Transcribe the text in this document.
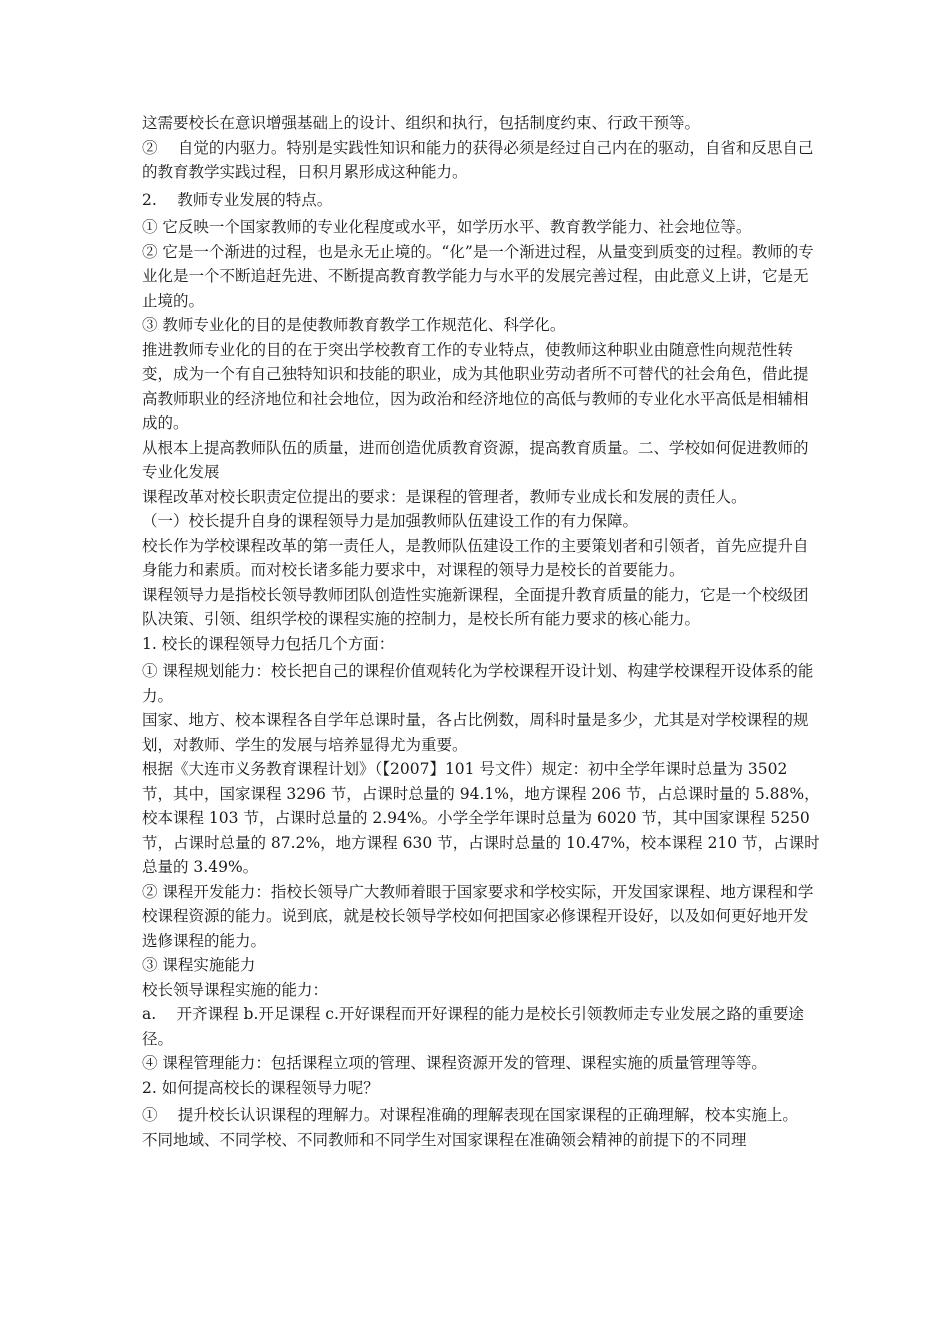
这需要校长在意识增强基础上的设计、组织和执行，包括制度约束、行政干预等。

②　 自觉的内驱力。特别是实践性知识和能力的获得必须是经过自己内在的驱动，自省和反思自己的教育教学实践过程，日积月累形成这种能力。

2.　 教师专业发展的特点。

① 它反映一个国家教师的专业化程度或水平，如学历水平、教育教学能力、社会地位等。

② 它是一个渐进的过程，也是永无止境的。“化”是一个渐进过程，从量变到质变的过程。教师的专业化是一个不断追赶先进、不断提高教育教学能力与水平的发展完善过程，由此意义上讲，它是无止境的。

③ 教师专业化的目的是使教师教育教学工作规范化、科学化。

推进教师专业化的目的在于突出学校教育工作的专业特点，使教师这种职业由随意性向规范性转变，成为一个有自己独特知识和技能的职业，成为其他职业劳动者所不可替代的社会角色，借此提高教师职业的经济地位和社会地位，因为政治和经济地位的高低与教师的专业化水平高低是相辅相成的。

从根本上提高教师队伍的质量，进而创造优质教育资源，提高教育质量。二、学校如何促进教师的专业化发展

课程改革对校长职责定位提出的要求：是课程的管理者，教师专业成长和发展的责任人。

（一）校长提升自身的课程领导力是加强教师队伍建设工作的有力保障。

校长作为学校课程改革的第一责任人，是教师队伍建设工作的主要策划者和引领者，首先应提升自身能力和素质。而对校长诸多能力要求中，对课程的领导力是校长的首要能力。

课程领导力是指校长领导教师团队创造性实施新课程，全面提升教育质量的能力，它是一个校级团队决策、引领、组织学校的课程实施的控制力，是校长所有能力要求的核心能力。

1. 校长的课程领导力包括几个方面：

① 课程规划能力：校长把自己的课程价值观转化为学校课程开设计划、构建学校课程开设体系的能力。

国家、地方、校本课程各自学年总课时量，各占比例数，周科时量是多少，尤其是对学校课程的规划，对教师、学生的发展与培养显得尤为重要。

根据《大连市义务教育课程计划》（【2007】101 号文件）规定：初中全学年课时总量为 3502 节，其中，国家课程 3296 节，占课时总量的 94.1%，地方课程 206 节，占总课时量的 5.88%，校本课程 103 节，占课时总量的 2.94%。小学全学年课时总量为 6020 节，其中国家课程 5250 节，占课时总量的 87.2%，地方课程 630 节，占课时总量的 10.47%，校本课程 210 节，占课时总量的 3.49%。

② 课程开发能力：指校长领导广大教师着眼于国家要求和学校实际，开发国家课程、地方课程和学校课程资源的能力。说到底，就是校长领导学校如何把国家必修课程开设好，以及如何更好地开发选修课程的能力。

③ 课程实施能力

校长领导课程实施的能力：

a.　 开齐课程 b.开足课程 c.开好课程而开好课程的能力是校长引领教师走专业发展之路的重要途径。

④ 课程管理能力：包括课程立项的管理、课程资源开发的管理、课程实施的质量管理等等。

2. 如何提高校长的课程领导力呢？

①　 提升校长认识课程的理解力。对课程准确的理解表现在国家课程的正确理解，校本实施上。

不同地域、不同学校、不同教师和不同学生对国家课程在准确领会精神的前提下的不同理
